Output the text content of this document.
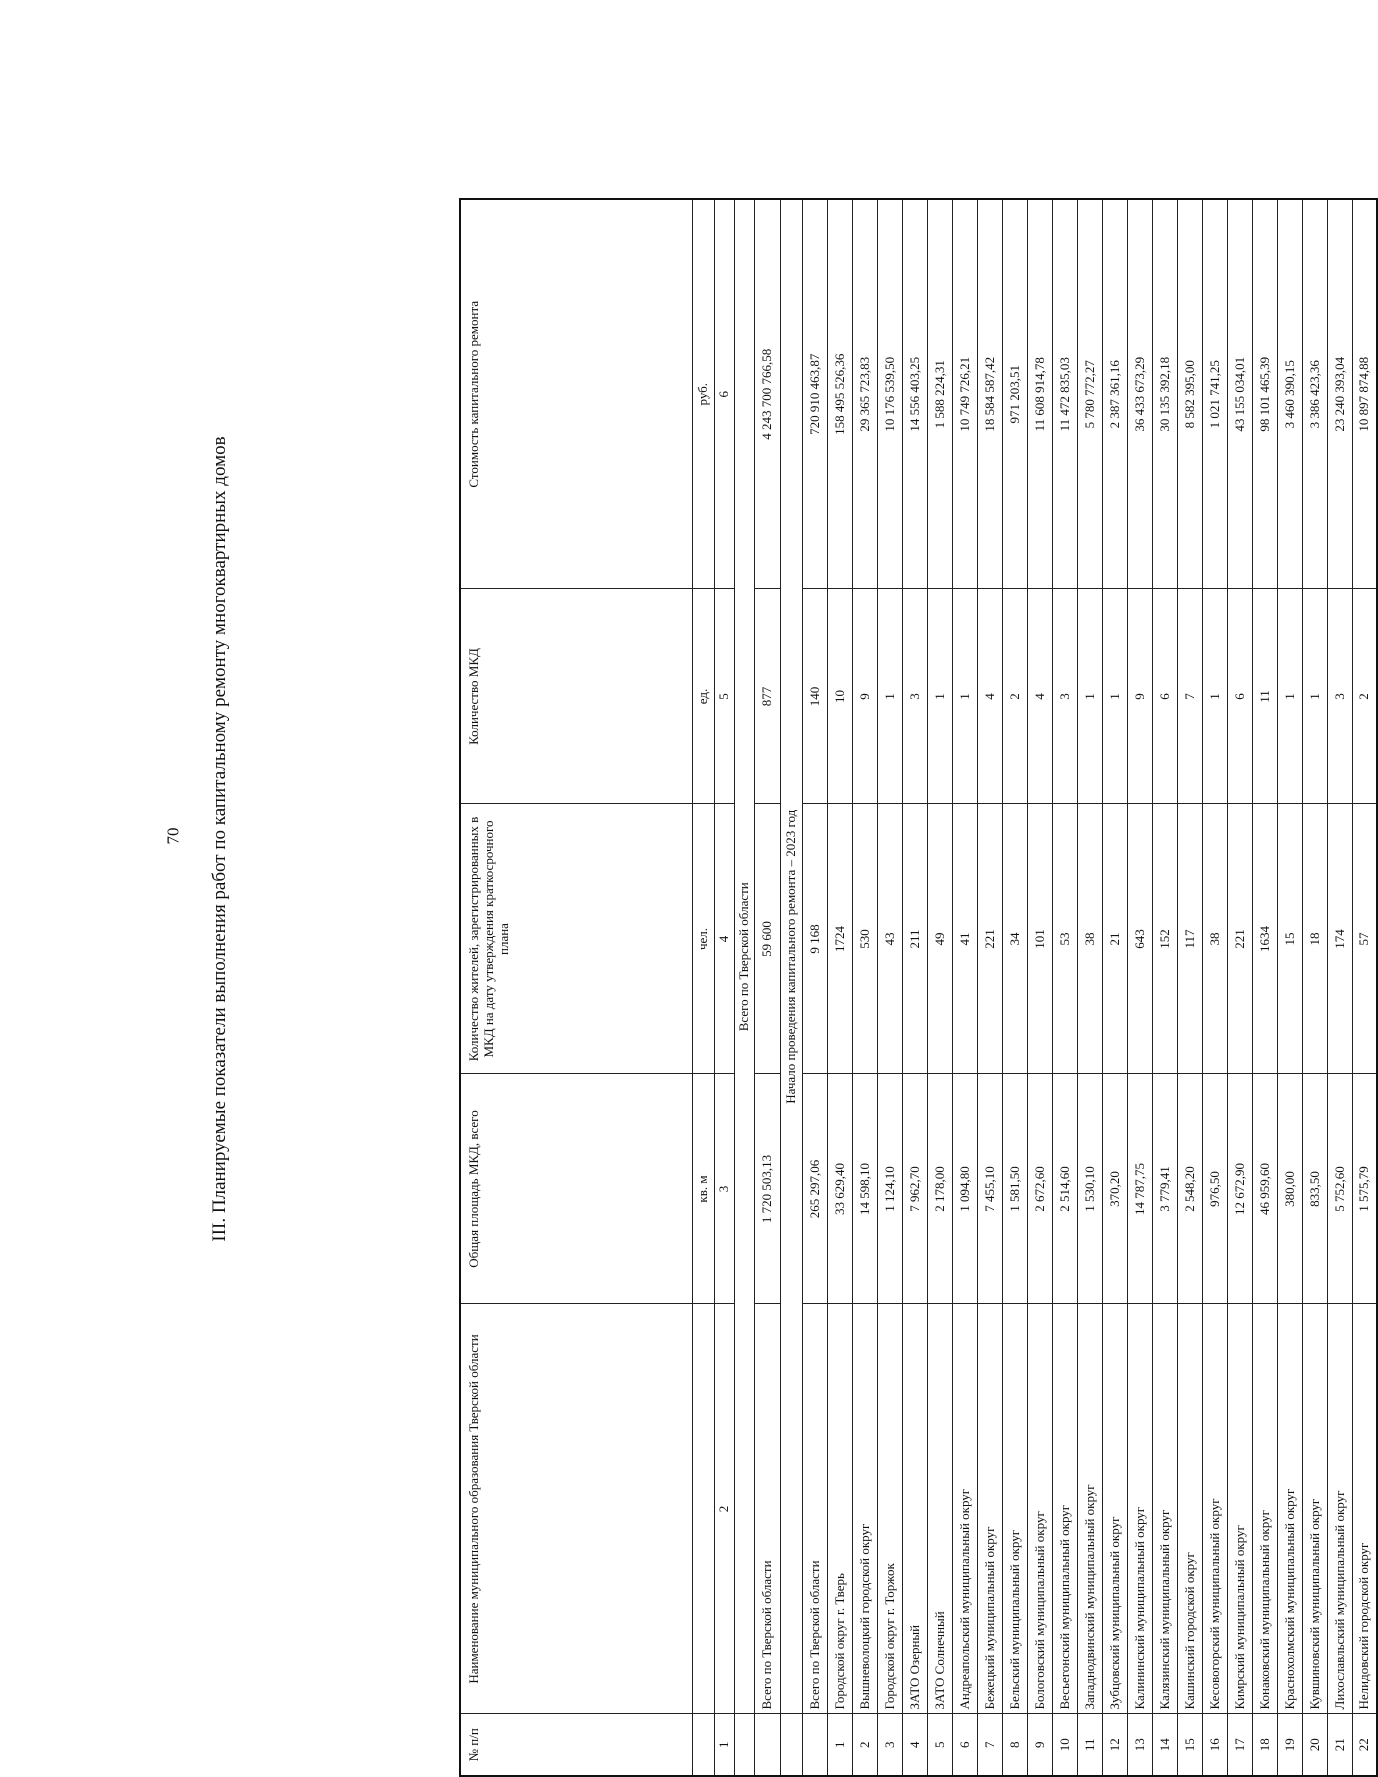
70 III. Планируемые показатели выполнения работ по капитальному ремонту многоквартирных домов
№ п/п	Наименование муниципального образования Тверской области	Общая площадь МКД, всего	Количество жителей, зарегистрированных в МКД на дату утверждения краткосрочного плана	Количество МКД	Стоимость капитального ремонта
		кв. м	чел.	ед.	руб.
1	2	3	4	5	6
	Всего по Тверской области				
	Всего по Тверской области	1 720 503,13	59 600	877	4 243 700 766,58
	Начало проведения капитального ремонта – 2023 год				
	Всего по Тверской области	265 297,06	9 168	140	720 910 463,87
1	Городской округ г. Тверь	33 629,40	1724	10	158 495 526,36
2	Вышневолоцкий городской округ	14 598,10	530	9	29 365 723,83
3	Городской округ г. Торжок	1 124,10	43	1	10 176 539,50
4	ЗАТО Озерный	7 962,70	211	3	14 556 403,25
5	ЗАТО Солнечный	2 178,00	49	1	1 588 224,31
6	Андреапольский муниципальный округ	1 094,80	41	1	10 749 726,21
7	Бежецкий муниципальный округ	7 455,10	221	4	18 584 587,42
8	Бельский муниципальный округ	1 581,50	34	2	971 203,51
9	Бологовский муниципальный округ	2 672,60	101	4	11 608 914,78
10	Весьегонский муниципальный округ	2 514,60	53	3	11 472 835,03
11	Западнодвинский муниципальный округ	1 530,10	38	1	5 780 772,27
12	Зубцовский муниципальный округ	370,20	21	1	2 387 361,16
13	Калининский муниципальный округ	14 787,75	643	9	36 433 673,29
14	Калязинский муниципальный округ	3 779,41	152	6	30 135 392,18
15	Кашинский городской округ	2 548,20	117	7	8 582 395,00
16	Кесовогорский муниципальный округ	976,50	38	1	1 021 741,25
17	Кимрский муниципальный округ	12 672,90	221	6	43 155 034,01
18	Конаковский муниципальный округ	46 959,60	1634	11	98 101 465,39
19	Краснохолмский муниципальный округ	380,00	15	1	3 460 390,15
20	Кувшиновский муниципальный округ	833,50	18	1	3 386 423,36
21	Лихославльский муниципальный округ	5 752,60	174	3	23 240 393,04
22	Нелидовский городской округ	1 575,79	57	2	10 897 874,88
